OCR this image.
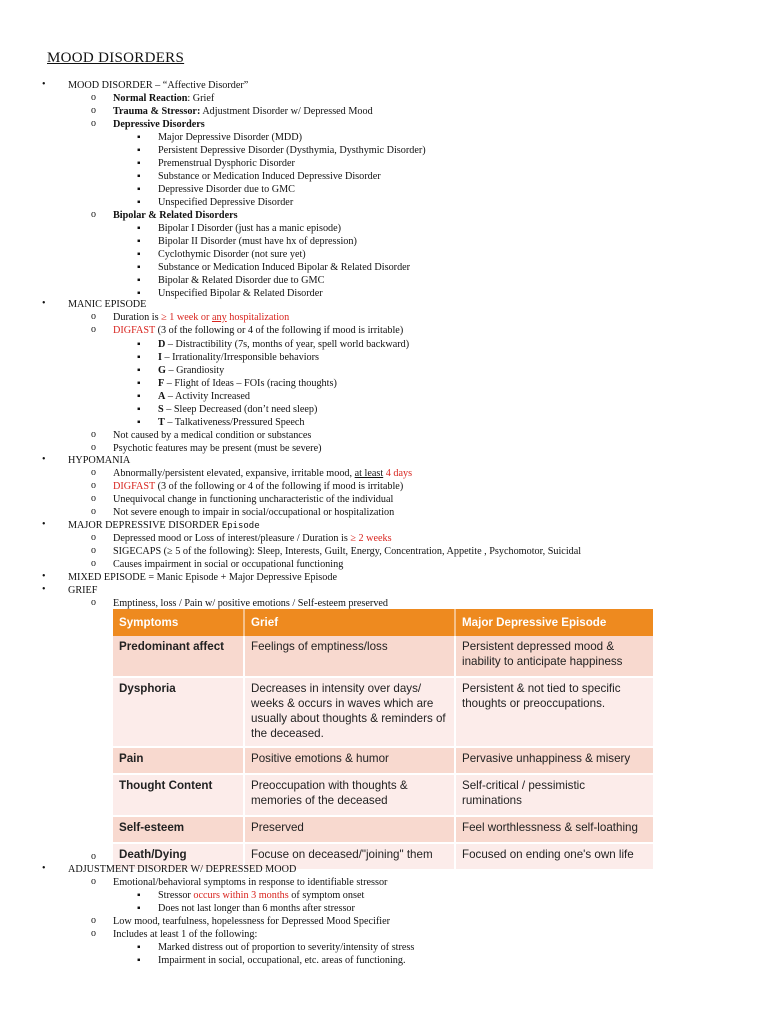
MOOD DISORDERS
• MOOD DISORDER – “Affective Disorder”
o Normal Reaction: Grief
o Trauma & Stressor: Adjustment Disorder w/ Depressed Mood
o Depressive Disorders
▪ Major Depressive Disorder (MDD)
▪ Persistent Depressive Disorder (Dysthymia, Dysthymic Disorder)
▪ Premenstrual Dysphoric Disorder
▪ Substance or Medication Induced Depressive Disorder
▪ Depressive Disorder due to GMC
▪ Unspecified Depressive Disorder
o Bipolar & Related Disorders
▪ Bipolar I Disorder (just has a manic episode)
▪ Bipolar II Disorder (must have hx of depression)
▪ Cyclothymic Disorder (not sure yet)
▪ Substance or Medication Induced Bipolar & Related Disorder
▪ Bipolar & Related Disorder due to GMC
▪ Unspecified Bipolar & Related Disorder
• MANIC EPISODE
o Duration is ≥ 1 week or any hospitalization
o DIGFAST (3 of the following or 4 of the following if mood is irritable)
▪ D – Distractibility (7s, months of year, spell world backward)
▪ I – Irrationality/Irresponsible behaviors
▪ G – Grandiosity
▪ F – Flight of Ideas – FOIs (racing thoughts)
▪ A – Activity Increased
▪ S – Sleep Decreased (don’t need sleep)
▪ T – Talkativeness/Pressured Speech
o Not caused by a medical condition or substances
o Psychotic features may be present (must be severe)
• HYPOMANIA
o Abnormally/persistent elevated, expansive, irritable mood, at least 4 days
o DIGFAST (3 of the following or 4 of the following if mood is irritable)
o Unequivocal change in functioning uncharacteristic of the individual
o Not severe enough to impair in social/occupational or hospitalization
• MAJOR DEPRESSIVE DISORDER Episode
o Depressed mood or Loss of interest/pleasure / Duration is ≥ 2 weeks
o SIGECAPS (≥ 5 of the following): Sleep, Interests, Guilt, Energy, Concentration, Appetite , Psychomotor, Suicidal
o Causes impairment in social or occupational functioning
• MIXED EPISODE = Manic Episode + Major Depressive Episode
• GRIEF
o Emptiness, loss / Pain w/ positive emotions / Self-esteem preserved
Symptoms	Grief	Major Depressive Episode
Predominant affect	Feelings of emptiness/loss	Persistent depressed mood & inability to anticipate happiness
Dysphoria	Decreases in intensity over days/ weeks & occurs in waves which are usually about thoughts & reminders of the deceased.	Persistent & not tied to specific thoughts or preoccupations.
Pain	Positive emotions & humor	Pervasive unhappiness & misery
Thought Content	Preoccupation with thoughts & memories of the deceased	Self-critical / pessimistic ruminations
Self-esteem	Preserved	Feel worthlessness & self-loathing
Death/Dying	Focuse on deceased/"joining" them	Focused on ending one's own life
o
• ADJUSTMENT DISORDER W/ DEPRESSED MOOD
o Emotional/behavioral symptoms in response to identifiable stressor
▪ Stressor occurs within 3 months of symptom onset
▪ Does not last longer than 6 months after stressor
o Low mood, tearfulness, hopelessness for Depressed Mood Specifier
o Includes at least 1 of the following:
▪ Marked distress out of proportion to severity/intensity of stress
▪ Impairment in social, occupational, etc. areas of functioning.
